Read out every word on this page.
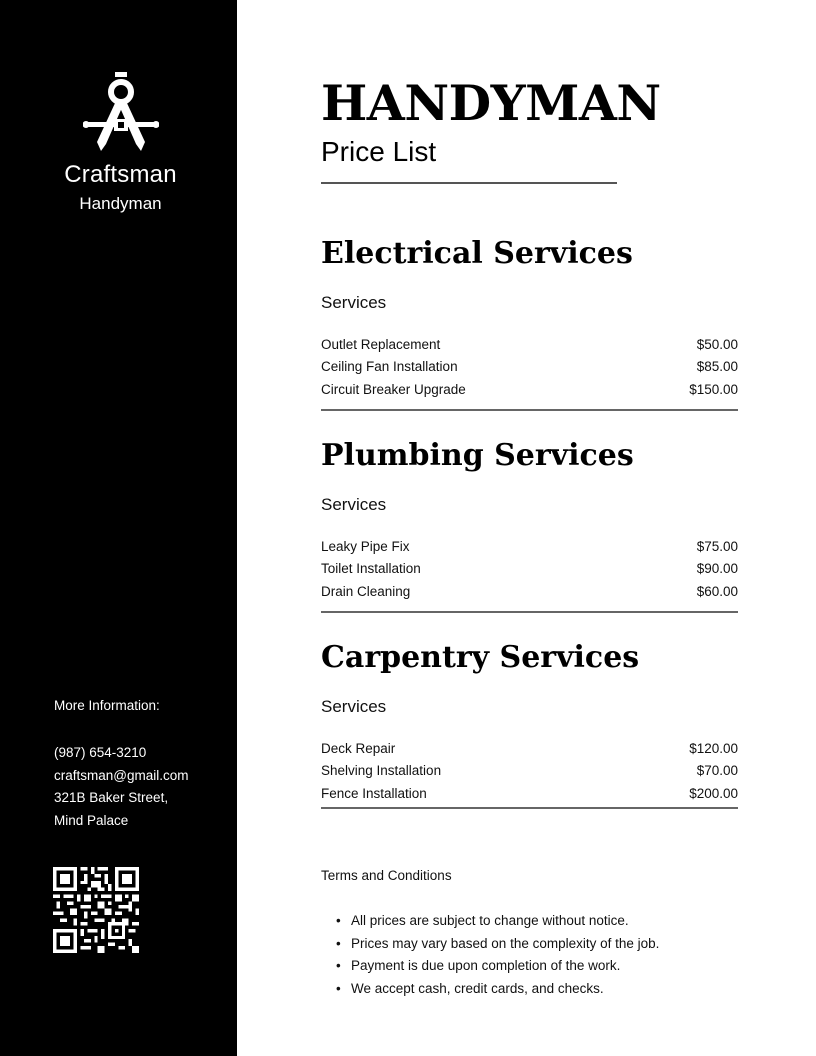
Craftsman
Handyman
More Information:
(987) 654-3210
craftsman@gmail.com
321B Baker Street,
Mind Palace
HANDYMAN
Price List
Electrical Services
Services
Outlet Replacement	$50.00
Ceiling Fan Installation	$85.00
Circuit Breaker Upgrade	$150.00
Plumbing Services
Services
Leaky Pipe Fix	$75.00
Toilet Installation	$90.00
Drain Cleaning	$60.00
Carpentry Services
Services
Deck Repair	$120.00
Shelving Installation	$70.00
Fence Installation	$200.00
Terms and Conditions
• All prices are subject to change without notice.
• Prices may vary based on the complexity of the job.
• Payment is due upon completion of the work.
• We accept cash, credit cards, and checks.
